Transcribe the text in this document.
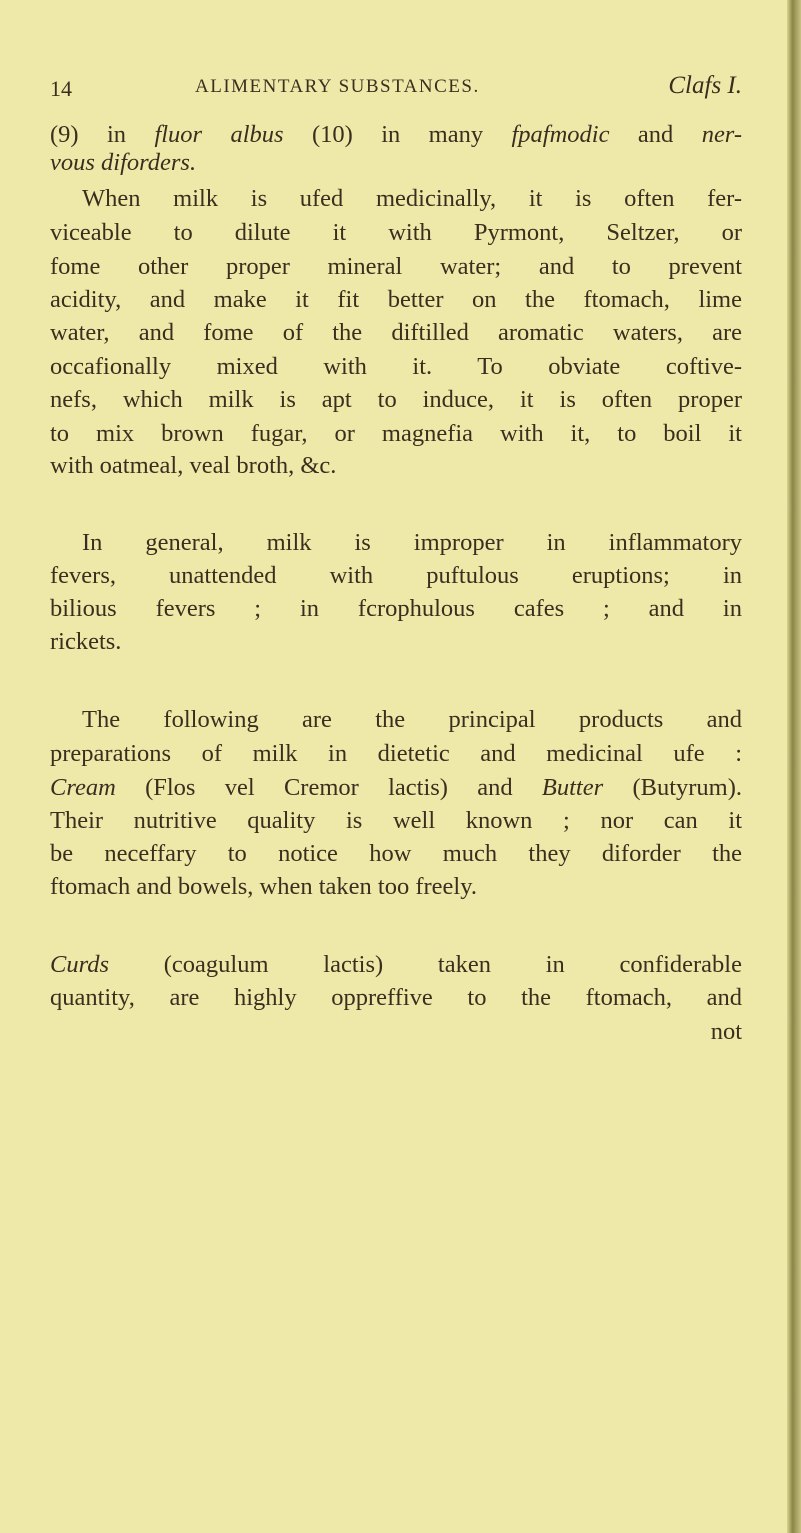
14	ALIMENTARY SUBSTANCES.	Clafs I.
(9) in fluor albus (10) in many fpafmodic and ner-
vous diforders.
When milk is ufed medicinally, it is often fer-
viceable to dilute it with Pyrmont, Seltzer, or
fome other proper mineral water; and to prevent
acidity, and make it fit better on the ftomach, lime
water, and fome of the diftilled aromatic waters, are
occafionally mixed with it. To obviate coftive-
nefs, which milk is apt to induce, it is often proper
to mix brown fugar, or magnefia with it, to boil it
with oatmeal, veal broth, &c.
In general, milk is improper in inflammatory
fevers, unattended with puftulous eruptions; in
bilious fevers ; in fcrophulous cafes ; and in
rickets.
The following are the principal products and
preparations of milk in dietetic and medicinal ufe :
Cream (Flos vel Cremor lactis) and Butter (Butyrum).
Their nutritive quality is well known ; nor can it
be neceffary to notice how much they diforder the
ftomach and bowels, when taken too freely.
Curds (coagulum lactis) taken in confiderable
quantity, are highly oppreffive to the ftomach, and
not
